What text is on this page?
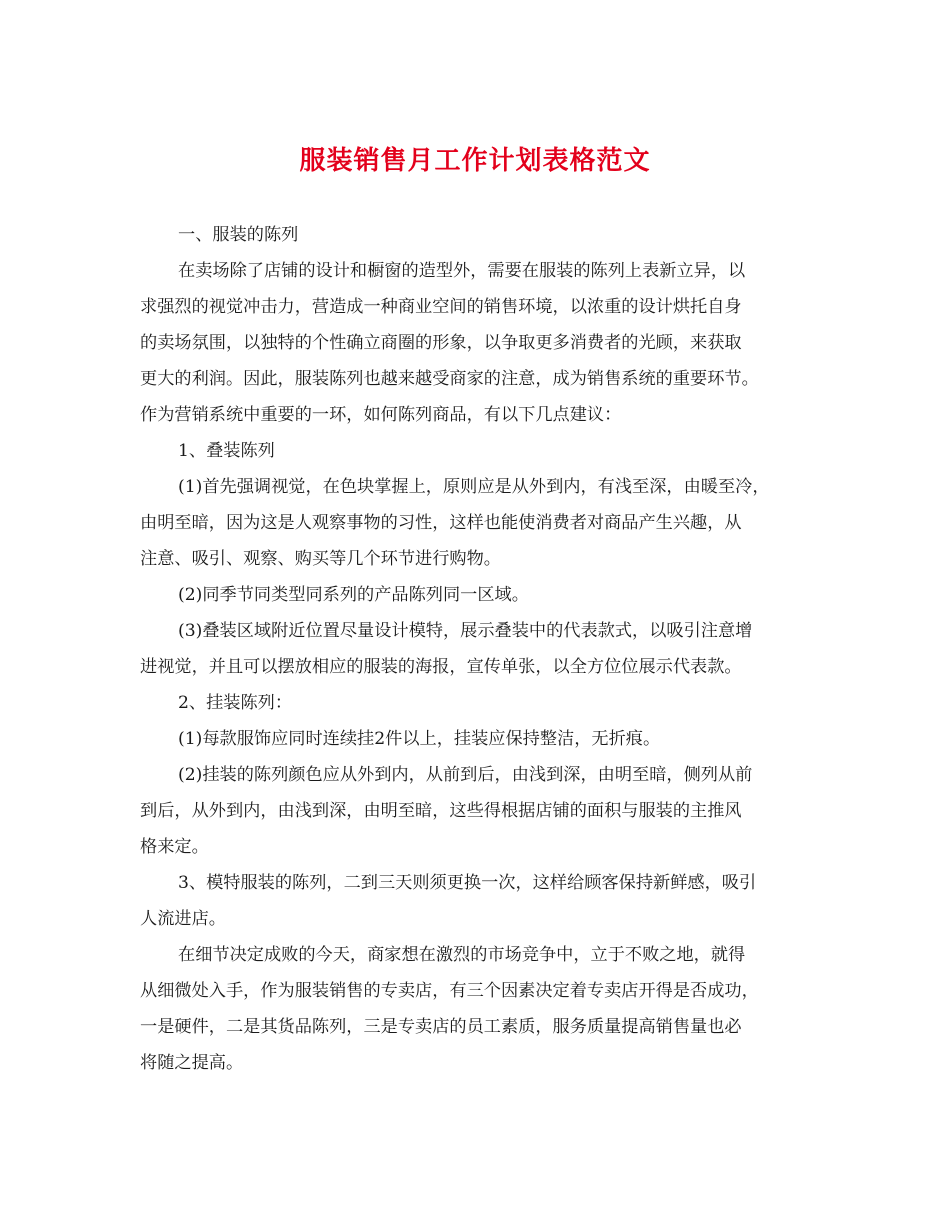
服装销售月工作计划表格范文
一、服装的陈列
在卖场除了店铺的设计和橱窗的造型外，需要在服装的陈列上表新立异，以
求强烈的视觉冲击力，营造成一种商业空间的销售环境，以浓重的设计烘托自身
的卖场氛围，以独特的个性确立商圈的形象，以争取更多消费者的光顾，来获取
更大的利润。因此，服装陈列也越来越受商家的注意，成为销售系统的重要环节。
作为营销系统中重要的一环，如何陈列商品，有以下几点建议：
1、叠装陈列
(1)首先强调视觉，在色块掌握上，原则应是从外到内，有浅至深，由暖至冷，
由明至暗，因为这是人观察事物的习性，这样也能使消费者对商品产生兴趣，从
注意、吸引、观察、购买等几个环节进行购物。
(2)同季节同类型同系列的产品陈列同一区域。
(3)叠装区域附近位置尽量设计模特，展示叠装中的代表款式，以吸引注意增
进视觉，并且可以摆放相应的服装的海报，宣传单张，以全方位位展示代表款。
2、挂装陈列：
(1)每款服饰应同时连续挂2件以上，挂装应保持整洁，无折痕。
(2)挂装的陈列颜色应从外到内，从前到后，由浅到深，由明至暗，侧列从前
到后，从外到内，由浅到深，由明至暗，这些得根据店铺的面积与服装的主推风
格来定。
3、模特服装的陈列，二到三天则须更换一次，这样给顾客保持新鲜感，吸引
人流进店。
在细节决定成败的今天，商家想在激烈的市场竞争中，立于不败之地，就得
从细微处入手，作为服装销售的专卖店，有三个因素决定着专卖店开得是否成功，
一是硬件，二是其货品陈列，三是专卖店的员工素质，服务质量提高销售量也必
将随之提高。
